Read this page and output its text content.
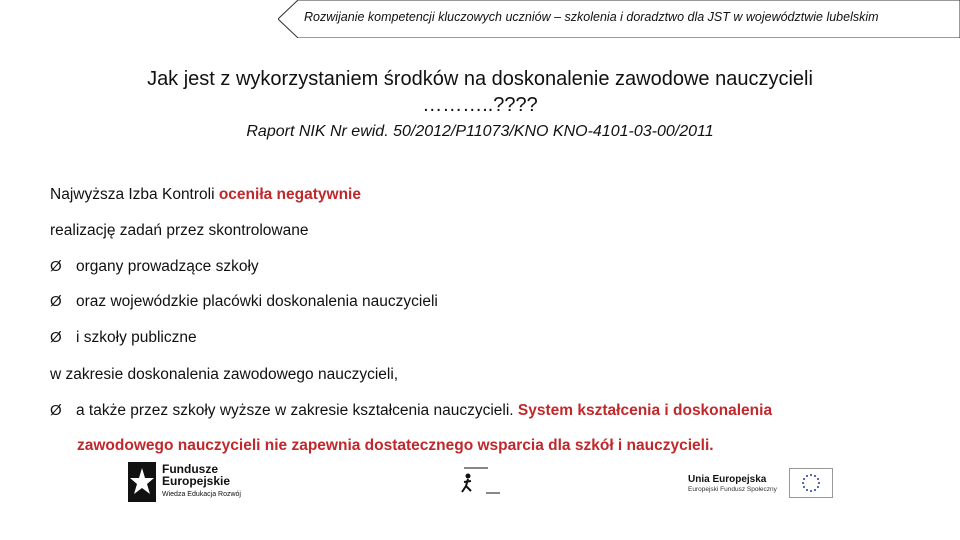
Rozwijanie kompetencji kluczowych uczniów – szkolenia i doradztwo dla JST w województwie lubelskim
Jak jest z wykorzystaniem środków na doskonalenie zawodowe nauczycieli
………..????
Raport NIK Nr ewid. 50/2012/P11073/KNO KNO-4101-03-00/2011
Najwyższa Izba Kontroli oceniła negatywnie
realizację zadań przez skontrolowane
Ø organy prowadzące szkoły
Ø oraz wojewódzkie placówki doskonalenia nauczycieli
Ø i szkoły publiczne
w zakresie doskonalenia zawodowego nauczycieli,
Ø a także przez szkoły wyższe w zakresie kształcenia nauczycieli. System kształcenia i doskonalenia
zawodowego nauczycieli nie zapewnia dostatecznego wsparcia dla szkół i nauczycieli.
Fundusze
Europejskie
Wiedza Edukacja Rozwój
Unia Europejska
Europejski Fundusz Społeczny
